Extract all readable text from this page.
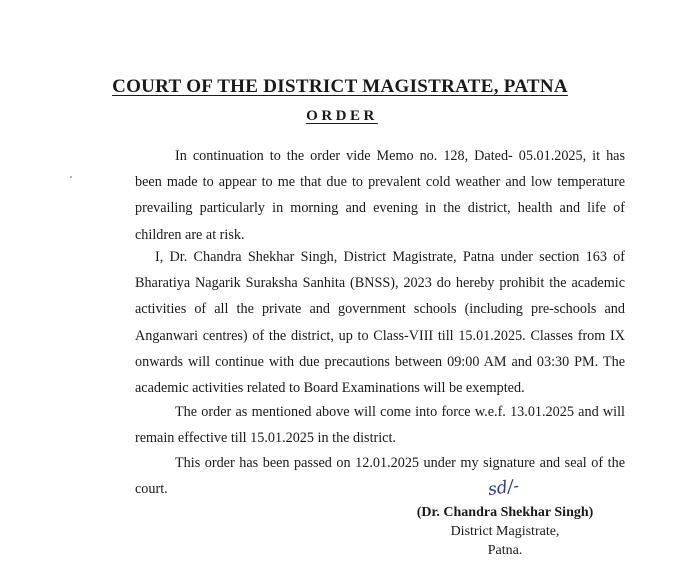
COURT OF THE DISTRICT MAGISTRATE, PATNA
ORDER

In continuation to the order vide Memo no. 128, Dated- 05.01.2025, it has been made to appear to me that due to prevalent cold weather and low temperature prevailing particularly in morning and evening in the district, health and life of children are at risk.

I, Dr. Chandra Shekhar Singh, District Magistrate, Patna under section 163 of Bharatiya Nagarik Suraksha Sanhita (BNSS), 2023 do hereby prohibit the academic activities of all the private and government schools (including pre-schools and Anganwari centres) of the district, up to Class-VIII till 15.01.2025. Classes from IX onwards will continue with due precautions between 09:00 AM and 03:30 PM. The academic activities related to Board Examinations will be exempted.

The order as mentioned above will come into force w.e.f. 13.01.2025 and will remain effective till 15.01.2025 in the district.

This order has been passed on 12.01.2025 under my signature and seal of the court.	sd/-
(Dr. Chandra Shekhar Singh)
District Magistrate,
Patna.
